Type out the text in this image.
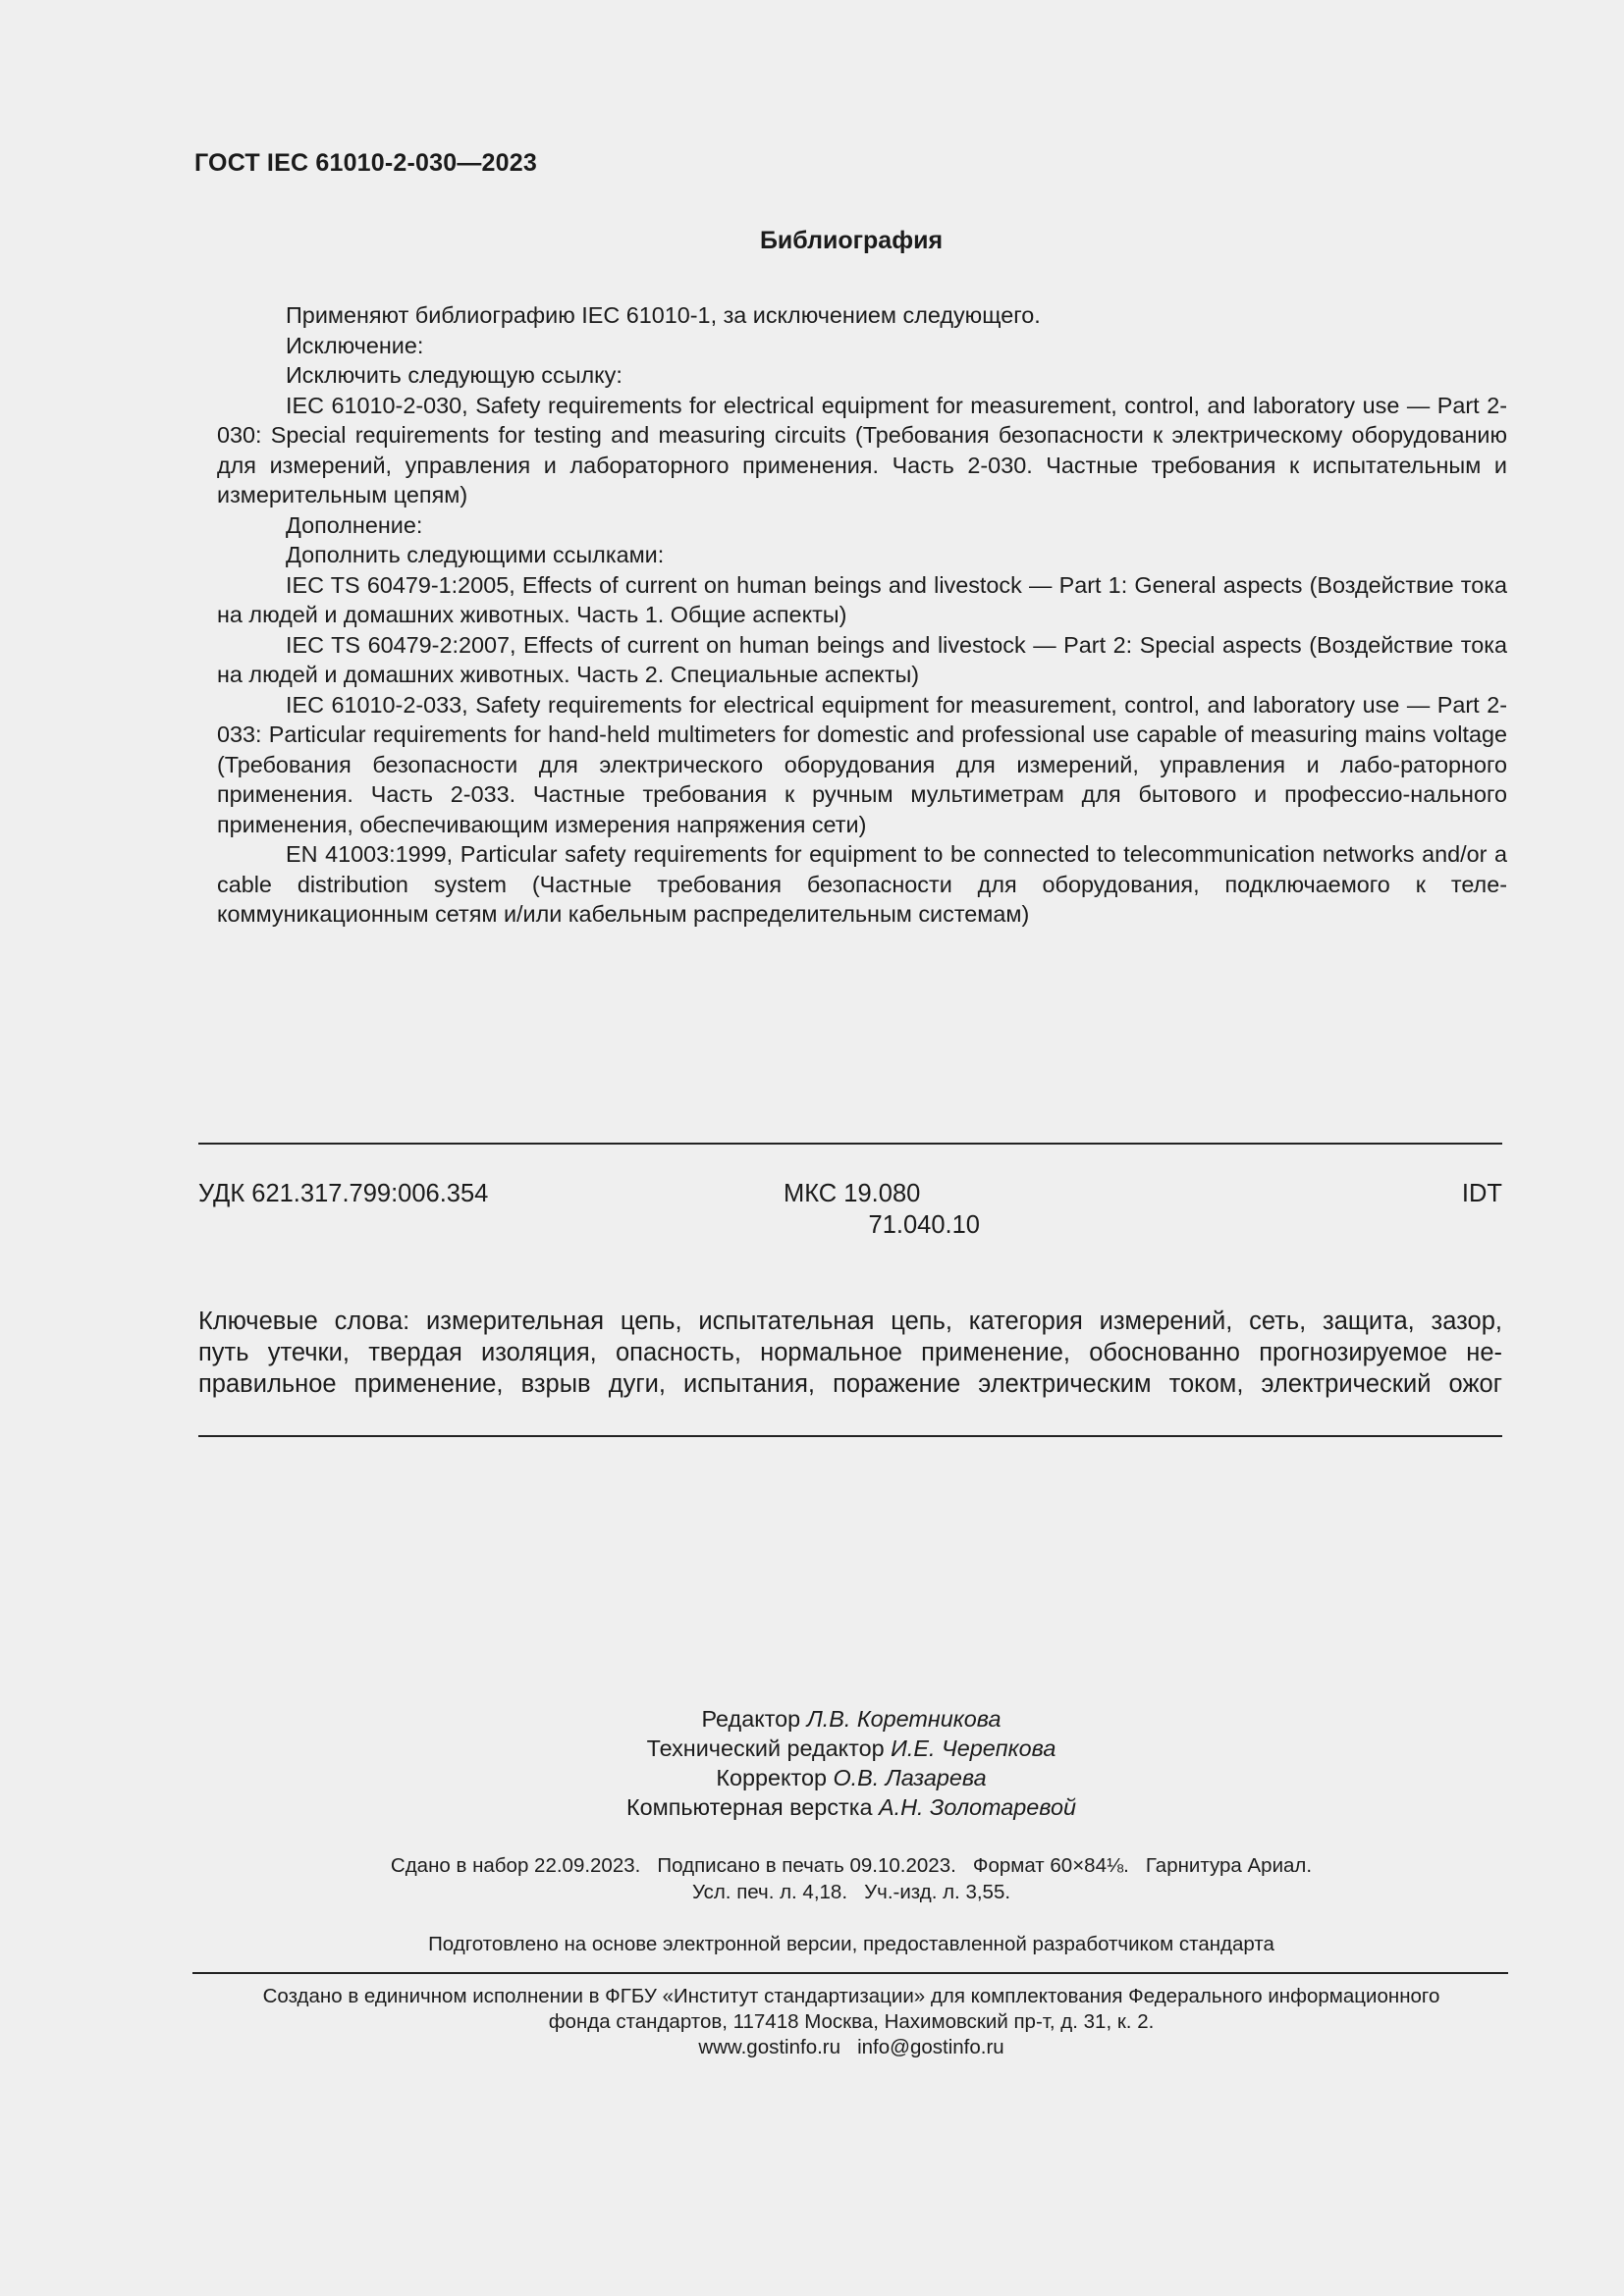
ГОСТ IEC 61010-2-030—2023
Библиография

Применяют библиографию IEC 61010-1, за исключением следующего.

Исключение:

Исключить следующую ссылку:

IEC 61010-2-030, Safety requirements for electrical equipment for measurement, control, and laboratory use — Part 2-030: Special requirements for testing and measuring circuits (Требования безопасности к электрическому оборудованию для измерений, управления и лабораторного применения. Часть 2-030. Частные требования к испытательным и измерительным цепям)

Дополнение:

Дополнить следующими ссылками:

IEC TS 60479-1:2005, Effects of current on human beings and livestock — Part 1: General aspects (Воздействие тока на людей и домашних животных. Часть 1. Общие аспекты)

IEC TS 60479-2:2007, Effects of current on human beings and livestock — Part 2: Special aspects (Воздействие тока на людей и домашних животных. Часть 2. Специальные аспекты)

IEC 61010-2-033, Safety requirements for electrical equipment for measurement, control, and laboratory use — Part 2-033: Particular requirements for hand-held multimeters for domestic and professional use capable of measuring mains voltage (Требования безопасности для электрического оборудования для измерений, управления и лабо-раторного применения. Часть 2-033. Частные требования к ручным мультиметрам для бытового и профессио-нального применения, обеспечивающим измерения напряжения сети)

EN 41003:1999, Particular safety requirements for equipment to be connected to telecommunication networks and/or a cable distribution system (Частные требования безопасности для оборудования, подключаемого к теле-коммуникационным сетям и/или кабельным распределительным системам)

УДК 621.317.799:006.354	МКС 19.080
71.040.10
IDT

Ключевые слова: измерительная цепь, испытательная цепь, категория измерений, сеть, защита, зазор,

путь утечки, твердая изоляция, опасность, нормальное применение, обоснованно прогнозируемое не-

правильное применение, взрыв дуги, испытания, поражение электрическим током, электрический ожог

Редактор Л.В. Коретникова
Технический редактор И.Е. Черепкова
Корректор О.В. Лазарева
Компьютерная верстка А.Н. Золотаревой
Сдано в набор 22.09.2023.   Подписано в печать 09.10.2023.   Формат 60×84⅛.   Гарнитура Ариал.
Усл. печ. л. 4,18.   Уч.-изд. л. 3,55.
Подготовлено на основе электронной версии, предоставленной разработчиком стандарта
Создано в единичном исполнении в ФГБУ «Институт стандартизации» для комплектования Федерального информационного
фонда стандартов, 117418 Москва, Нахимовский пр-т, д. 31, к. 2.
www.gostinfo.ru   info@gostinfo.ru
